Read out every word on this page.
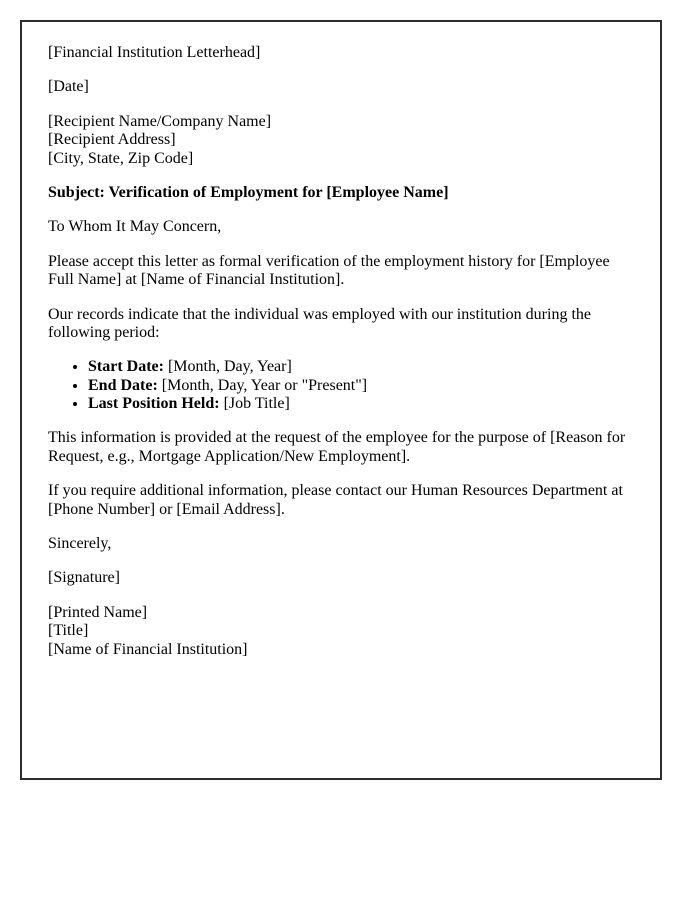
[Financial Institution Letterhead]

[Date]

[Recipient Name/Company Name]
[Recipient Address]
[City, State, Zip Code]

Subject: Verification of Employment for [Employee Name]

To Whom It May Concern,

Please accept this letter as formal verification of the employment history for [Employee Full Name] at [Name of Financial Institution].

Our records indicate that the individual was employed with our institution during the following period:

• Start Date: [Month, Day, Year]
• End Date: [Month, Day, Year or "Present"]
• Last Position Held: [Job Title]

This information is provided at the request of the employee for the purpose of [Reason for Request, e.g., Mortgage Application/New Employment].

If you require additional information, please contact our Human Resources Department at [Phone Number] or [Email Address].

Sincerely,

[Signature]

[Printed Name]
[Title]
[Name of Financial Institution]
